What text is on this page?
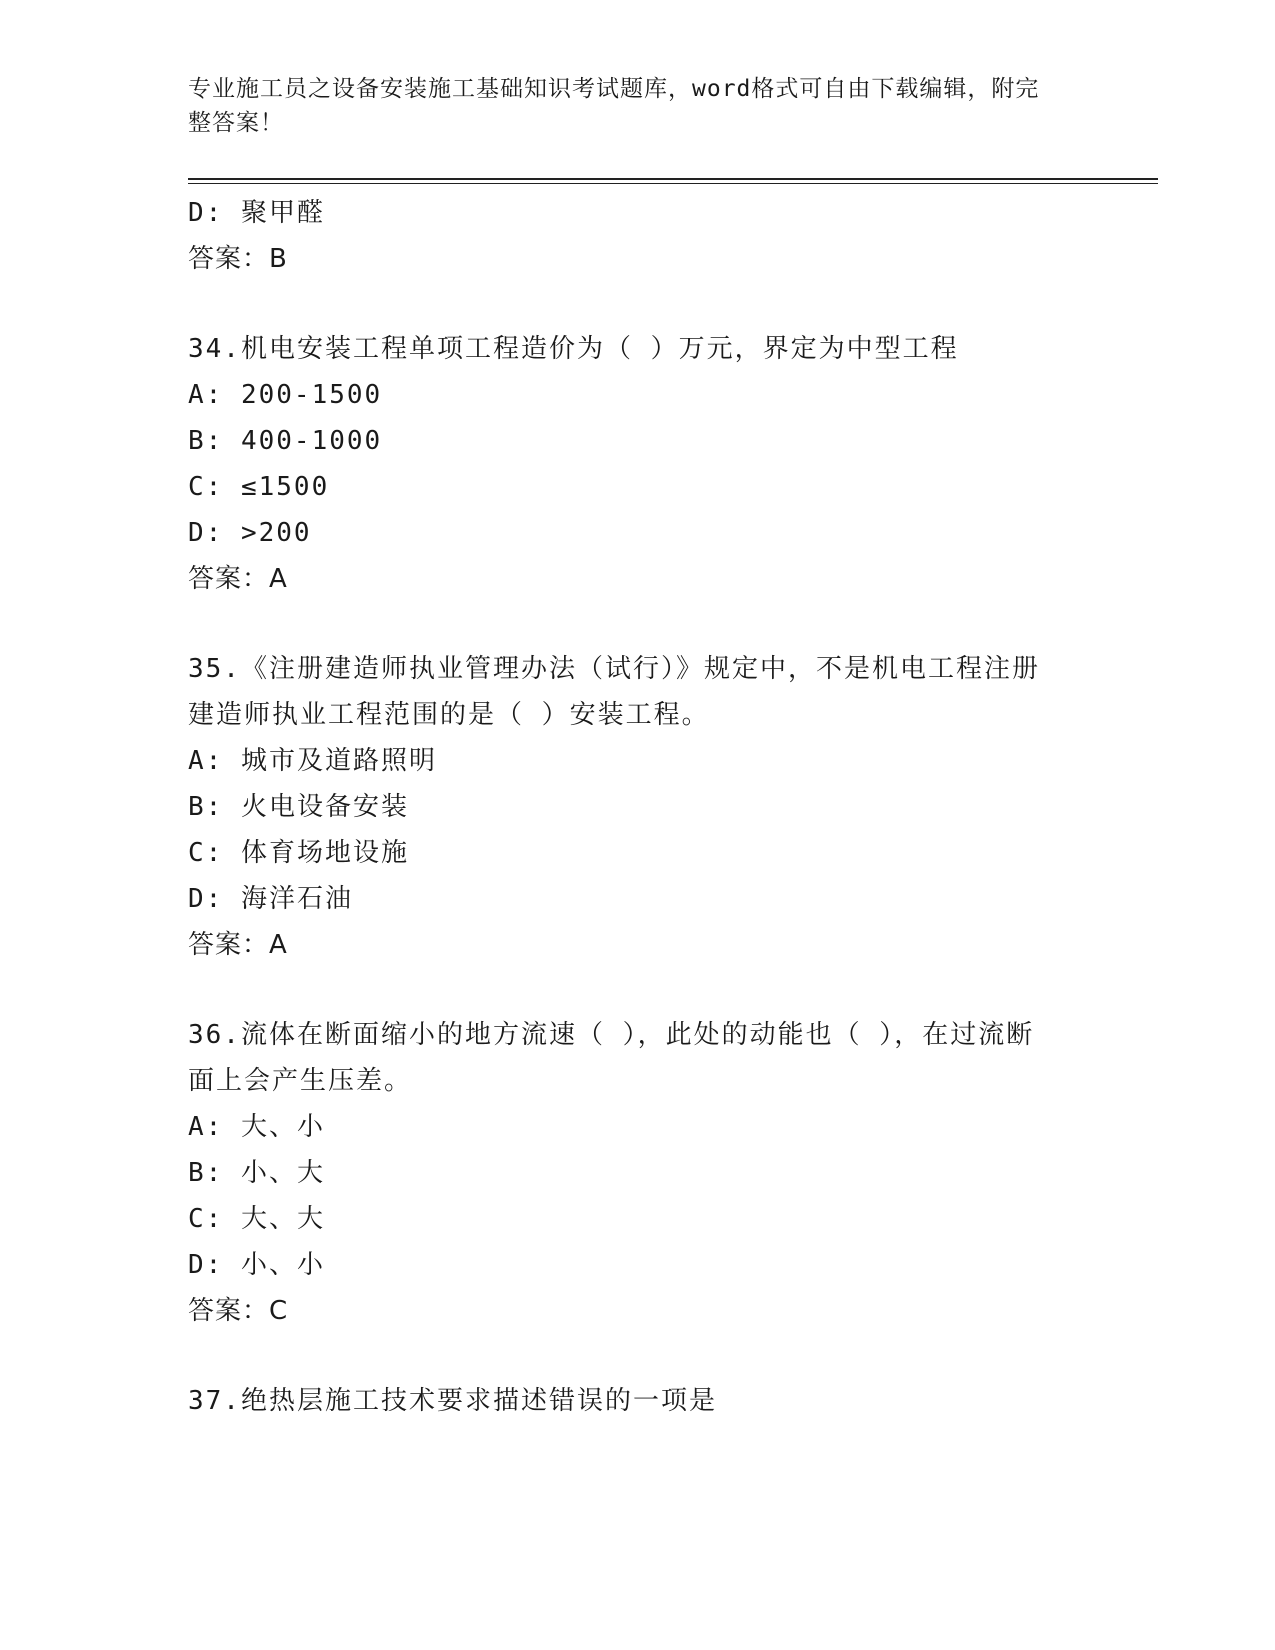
专业施工员之设备安装施工基础知识考试题库，word格式可自由下载编辑，附完
整答案！
D: 聚甲醛
答案：B
34.机电安装工程单项工程造价为（ ）万元，界定为中型工程
A: 200-1500
B: 400-1000
C: ≤1500
D: >200
答案：A
35.《注册建造师执业管理办法（试行）》规定中，不是机电工程注册
建造师执业工程范围的是（ ）安装工程。
A: 城市及道路照明
B: 火电设备安装
C: 体育场地设施
D: 海洋石油
答案：A
36.流体在断面缩小的地方流速（ ），此处的动能也（ ），在过流断
面上会产生压差。
A: 大、小
B: 小、大
C: 大、大
D: 小、小
答案：C
37.绝热层施工技术要求描述错误的一项是
